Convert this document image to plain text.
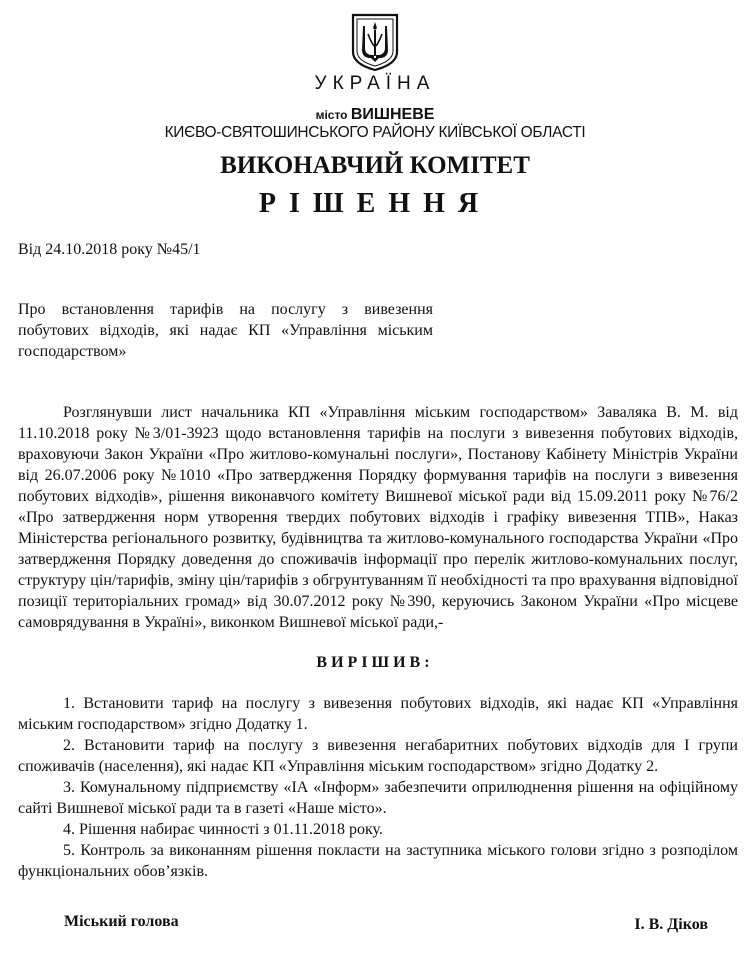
УКРАЇНА
місто ВИШНЕВЕ
КИЄВО-СВЯТОШИНСЬКОГО РАЙОНУ КИЇВСЬКОЇ ОБЛАСТІ
ВИКОНАВЧИЙ КОМІТЕТ
РІШЕННЯ
Від 24.10.2018 року №45/1
Про встановлення тарифів на послугу з вивезення побутових відходів, які надає КП «Управління міським господарством»

Розглянувши лист начальника КП «Управління міським господарством» Заваляка В. М. від 11.10.2018 року №3/01-3923 щодо встановлення тарифів на послуги з вивезення побутових відходів, враховуючи Закон України «Про житлово-комунальні послуги», Постанову Кабінету Міністрів України від 26.07.2006 року №1010 «Про затвердження Порядку формування тарифів на послуги з вивезення побутових відходів», рішення виконавчого комітету Вишневої міської ради від 15.09.2011 року №76/2 «Про затвердження норм утворення твердих побутових відходів і графіку вивезення ТПВ», Наказ Міністерства регіонального розвитку, будівництва та житлово-комунального господарства України «Про затвердження Порядку доведення до споживачів інформації про перелік житлово-комунальних послуг, структуру цін/тарифів, зміну цін/тарифів з обгрунтуванням її необхідності та про врахування відповідної позиції територіальних громад» від 30.07.2012 року №390, керуючись Законом України «Про місцеве самоврядування в Україні», виконком Вишневої міської ради,-

ВИРІШИВ:

1. Встановити тариф на послугу з вивезення побутових відходів, які надає КП «Управління міським господарством» згідно Додатку 1.

2. Встановити тариф на послугу з вивезення негабаритних побутових відходів для І групи споживачів (населення), які надає КП «Управління міським господарством» згідно Додатку 2.

3. Комунальному підприємству «ІА «Інформ» забезпечити оприлюднення рішення на офіційному сайті Вишневої міської ради та в газеті «Наше місто».

4. Рішення набирає чинності з 01.11.2018 року.

5. Контроль за виконанням рішення покласти на заступника міського голови згідно з розподілом функціональних обов’язків.

Міський голова	І. В. Діков
